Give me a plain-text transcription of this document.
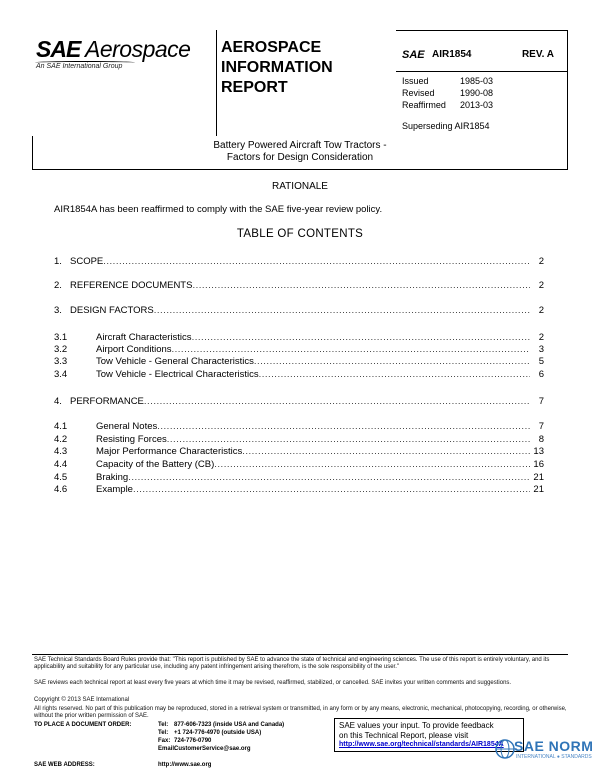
SAE Aerospace
An SAE International Group
AEROSPACE
INFORMATION
REPORT
SAE AIR1854	REV. A
Issued	1985-03
Revised	1990-08
Reaffirmed	2013-03
Superseding AIR1854
Battery Powered Aircraft Tow Tractors -
Factors for Design Consideration
RATIONALE
AIR1854A has been reaffirmed to comply with the SAE five-year review policy.
TABLE OF CONTENTS
1. SCOPE .....	2
2. REFERENCE DOCUMENTS .....	2
3. DESIGN FACTORS .....	2
3.1	Aircraft Characteristics .....	2
3.2	Airport Conditions .....	3
3.3	Tow Vehicle - General Characteristics .....	5
3.4	Tow Vehicle - Electrical Characteristics .....	6
4. PERFORMANCE .....	7
4.1	General Notes .....	7
4.2	Resisting Forces .....	8
4.3	Major Performance Characteristics .....	13
4.4	Capacity of the Battery (CB) .....	16
4.5	Braking .....	21
4.6	Example .....	21
SAE Technical Standards Board Rules provide that: "This report is published by SAE to advance the state of technical and engineering sciences. The use of this report is entirely voluntary, and its applicability and suitability for any particular use, including any patent infringement arising therefrom, is the sole responsibility of the user."
SAE reviews each technical report at least every five years at which time it may be revised, reaffirmed, stabilized, or cancelled. SAE invites your written comments and suggestions.
Copyright © 2013 SAE International
All rights reserved. No part of this publication may be reproduced, stored in a retrieval system or transmitted, in any form or by any means, electronic, mechanical, photocopying, recording, or otherwise, without the prior written permission of SAE.
TO PLACE A DOCUMENT ORDER:	Tel: 877-606-7323 (inside USA and Canada)
Tel: +1 724-776-4970 (outside USA)
Fax: 724-776-0790
Email:
CustomerService@sae.org
SAE WEB ADDRESS:	http://www.sae.org
SAE values your input. To provide feedback
on this Technical Report, please visit
http://www.sae.org/technical/standards/AIR1854A SAE NORM
INTERNATIONAL ● STANDARDS
